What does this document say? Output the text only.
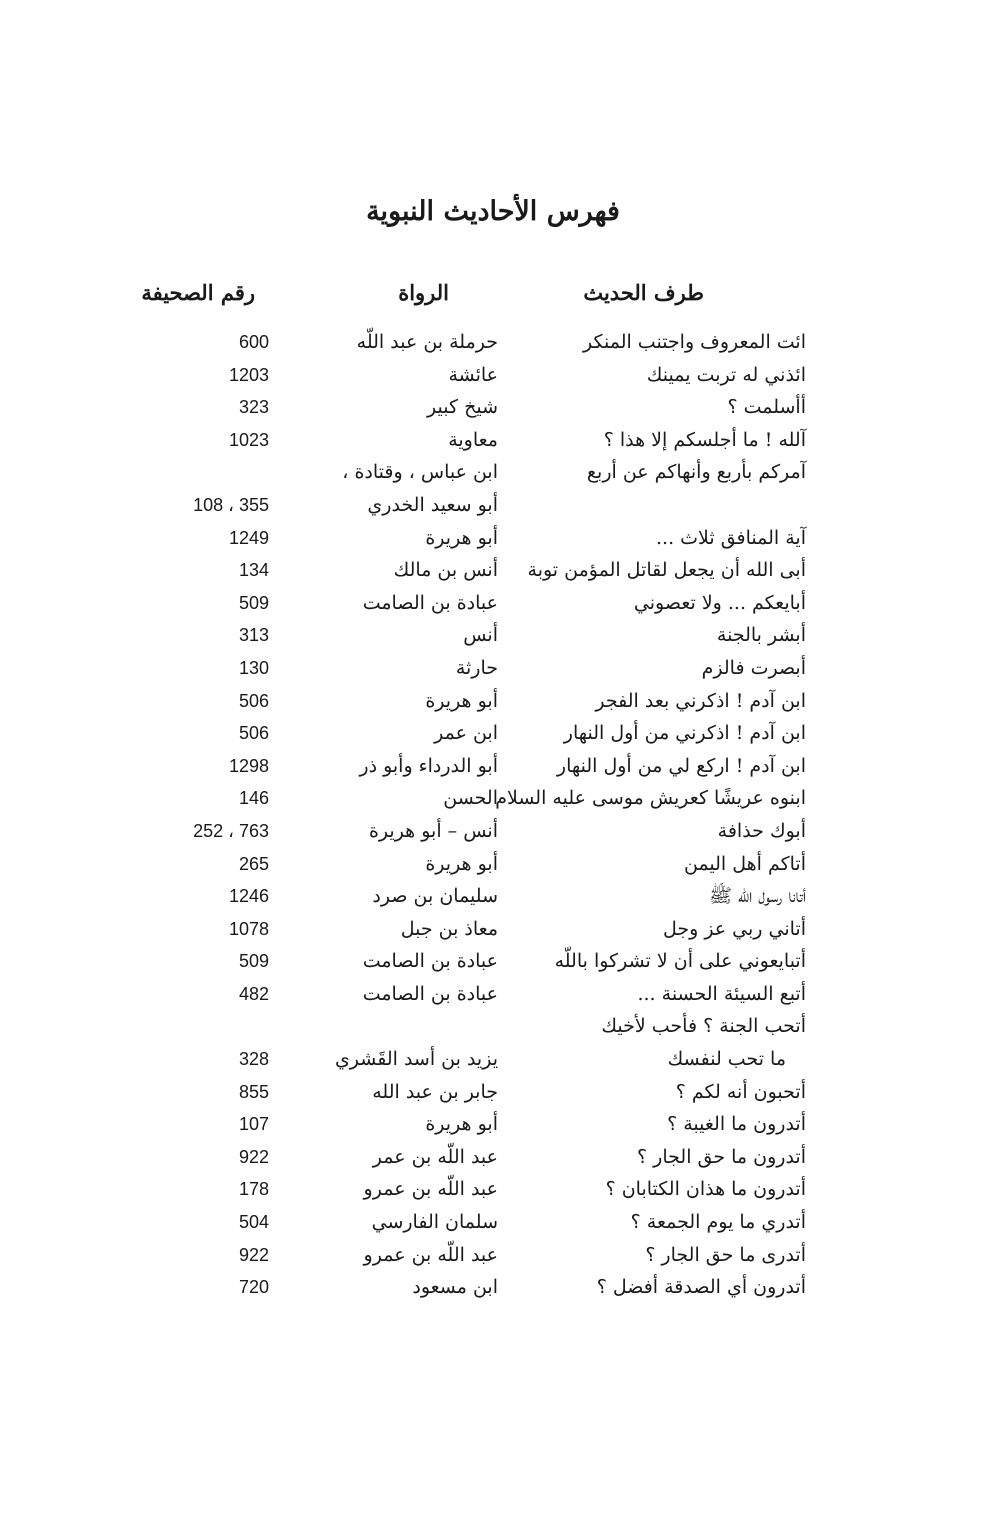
فهرس الأحاديث النبوية
طرف الحديث
الرواة
رقم الصحيفة
ائت المعروف واجتنب المنكر
حرملة بن عبد اللّه
600
ائذني له تربت يمينك
عائشة
1203
أأسلمت ؟
شيخ كبير
323
آلله ! ما أجلسكم إلا هذا ؟
معاوية
1023
آمركم بأربع وأنهاكم عن أربع
ابن عباس ، وقتادة ،
أبو سعيد الخدري
108 ، 355
آية المنافق ثلاث ...
أبو هريرة
1249
أبى الله أن يجعل لقاتل المؤمن توبة
أنس بن مالك
134
أبايعكم ... ولا تعصوني
عبادة بن الصامت
509
أبشر بالجنة
أنس
313
أبصرت فالزم
حارثة
130
ابن آدم ! اذكرني بعد الفجر
أبو هريرة
506
ابن آدم ! اذكرني من أول النهار
ابن عمر
506
ابن آدم ! اركع لي من أول النهار
أبو الدرداء وأبو ذر
1298
ابنوه عريشًا كعريش موسى عليه السلام
الحسن
146
أبوك حذافة
أنس – أبو هريرة
252 ، 763
أتاكم أهل اليمن
أبو هريرة
265
أتانا رسول اللّه ﷺ
سليمان بن صرد
1246
أتاني ربي عز وجل
معاذ بن جبل
1078
أتبايعوني على أن لا تشركوا باللّه
عبادة بن الصامت
509
أتبع السيئة الحسنة ...
عبادة بن الصامت
482
أتحب الجنة ؟ فأحب لأخيك
ما تحب لنفسك
يزيد بن أسد القَشري
328
أتحبون أنه لكم ؟
جابر بن عبد الله
855
أتدرون ما الغيبة ؟
أبو هريرة
107
أتدرون ما حق الجار ؟
عبد اللّه بن عمر
922
أتدرون ما هذان الكتابان ؟
عبد اللّه بن عمرو
178
أتدري ما يوم الجمعة ؟
سلمان الفارسي
504
أتدرى ما حق الجار ؟
عبد اللّه بن عمرو
922
أتدرون أي الصدقة أفضل ؟
ابن مسعود
720
